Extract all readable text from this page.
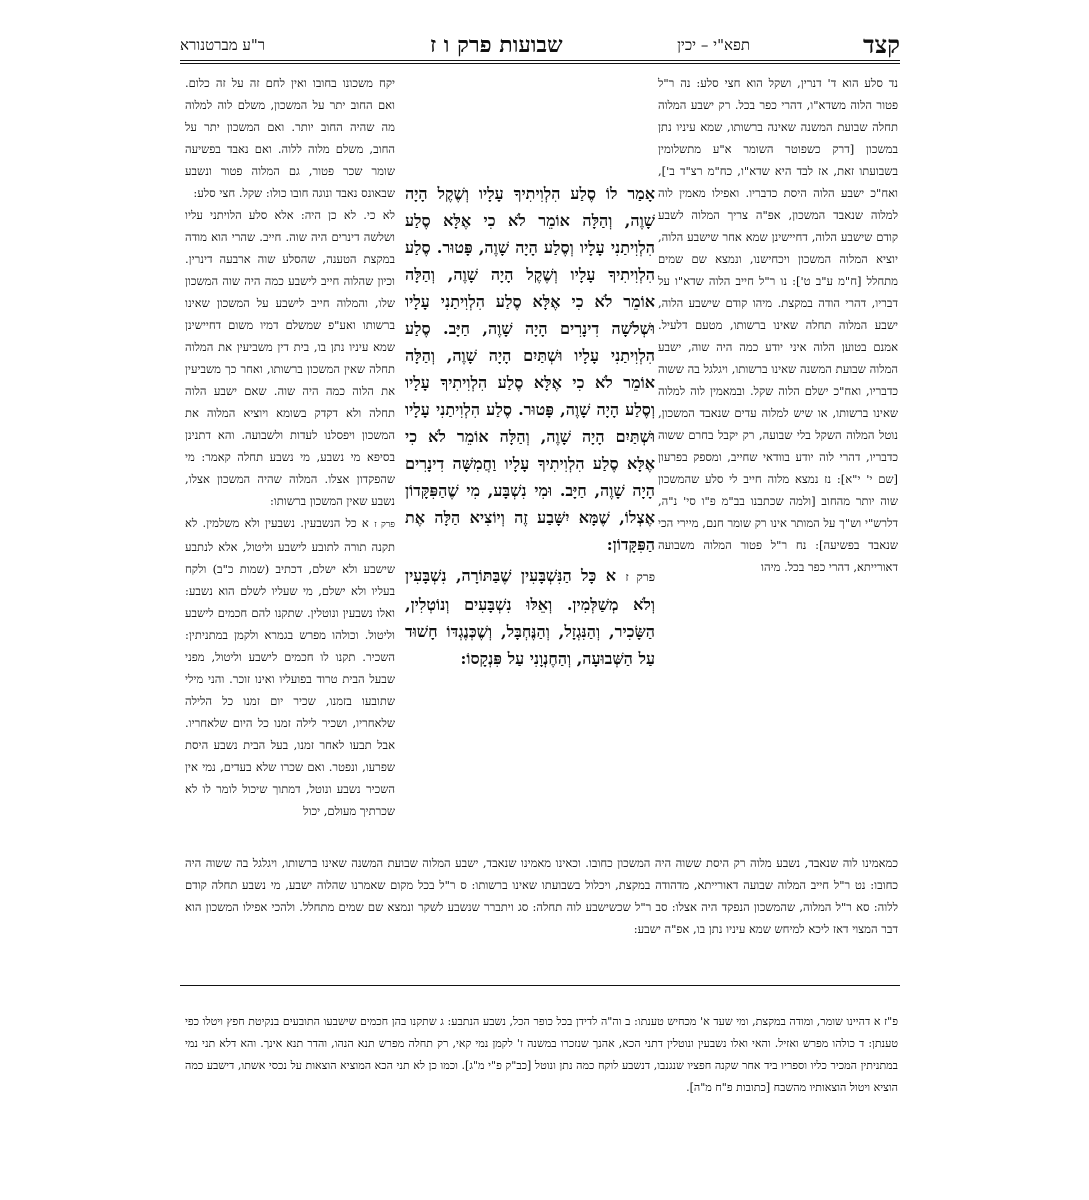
קצד
תפא"י – יכין
שבועות פרק ו ז
ר"ע מברטנורא

נד סלע הוא ד' דנרין, ושקל הוא חצי סלע: נה ר"ל פטור הלוה משדא"ו, דהרי כפר בכל. רק ישבע המלוה תחלה שבועת המשנה שאינה ברשותו, שמא עיניו נתן במשכון [דרק כשפוטר השומר א"ע מתשלומין בשבועתו זאת, אז לבד היא שדא"ו, כח"מ רצ"ד ב'], ואח"כ ישבע הלוה היסת כדבריו. ואפילו מאמין לוה למלוה שנאבד המשכון, אפ"ה צריך המלוה לשבע קודם שישבע הלוה, דחיישינן שמא אחר שישבע הלוה, יוציא המלוה המשכון ויכחישנו, ונמצא שם שמים מתחלל [ח"מ ע"ב ט']: נו ר"ל חייב הלוה שדא"ו על דבריו, דהרי הודה במקצת. מיהו קודם שישבע הלוה, ישבע המלוה תחלה שאינו ברשותו, מטעם דלעיל. אמנם בטוען הלוה איני יודע כמה היה שוה, ישבע המלוה שבועת המשנה שאינו ברשותו, ויגלגל בה ששוה כדבריו, ואח"כ ישלם הלוה שקל. ובמאמין לוה למלוה שאינו ברשותו, או שיש למלוה עדים שנאבד המשכון, נוטל המלוה השקל בלי שבועה, רק יקבל בחרם ששוה כדבריו, דהרי לוה יודע בוודאי שחייב, ומספק בפרעון [שם י' י"א]: נז נמצא מלוה חייב לי סלע שהמשכון שוה יותר מהחוב [ולמה שכתבנו בב"מ פ"ו סי' נ"ה, דלרש"י וש"ך על המותר אינו רק שומר חנם, מיירי הכי שנאבד בפשיעה]: נח ר"ל פטור המלוה משבועה דאורייתא, דהרי כפר בכל. מיהו

אָמַר לוֹ סֶלַע הִלְוִיתִיךָ עָלָיו וְשֶׁקֶל הָיָה שָׁוֶה, וְהַלָּה אוֹמֵר לֹא כִי אֶלָּא סֶלַע הִלְוִיתַנִי עָלָיו וְסֶלַע הָיָה שָׁוֶה, פָּטוּר. סֶלַע הִלְוִיתִיךָ עָלָיו וְשֶׁקֶל הָיָה שָׁוֶה, וְהַלָּה אוֹמֵר לֹא כִי אֶלָּא סֶלַע הִלְוִיתַנִי עָלָיו וּשְׁלֹשָׁה דִינָרִים הָיָה שָׁוֶה, חַיָּב. סֶלַע הִלְוִיתַנִי עָלָיו וּשְׁתַּיִם הָיָה שָׁוֶה, וְהַלָּה אוֹמֵר לֹא כִי אֶלָּא סֶלַע הִלְוִיתִיךָ עָלָיו וְסֶלַע הָיָה שָׁוֶה, פָּטוּר. סֶלַע הִלְוִיתַנִי עָלָיו וּשְׁתַּיִם הָיָה שָׁוֶה, וְהַלָּה אוֹמֵר לֹא כִי אֶלָּא סֶלַע הִלְוִיתִיךָ עָלָיו וַחֲמִשָּׁה דִינָרִים הָיָה שָׁוֶה, חַיָּב. וּמִי נִשְׁבָּע, מִי שֶׁהַפִּקָּדוֹן אֶצְלוֹ, שֶׁמָּא יִשָּׁבַע זֶה וְיוֹצִיא הַלָּה אֶת הַפִּקָּדוֹן:

פרק ז א כָּל הַנִּשְׁבָּעִין שֶׁבַּתּוֹרָה, נִשְׁבָּעִין וְלֹא מְשַׁלְּמִין. וְאֵלּוּ נִשְׁבָּעִים וְנוֹטְלִין, הַשָּׂכִיר, וְהַנִּגְזָל, וְהַנֶּחְבָּל, וְשֶׁכְּנֶגְדּוֹ חָשׁוּד עַל הַשְּׁבוּעָה, וְהַחֶנְוָנִי עַל פִּנְקָסוֹ:

יקח משכונו בחובו ואין לחם זה על זה כלום. ואם החוב יתר על המשכון, משלם לוה למלוה מה שהיה החוב יותר. ואם המשכון יתר על החוב, משלם מלוה ללוה. ואם נאבד בפשיעה שומר שכר פטור, גם המלוה פטור ונשבע שבאונס נאבד ונוגה חובו כולו: שקל. חצי סלע:

לא כי. לא כן היה: אלא סלע הלויתני עליו ושלשה דינרים היה שוה. חייב. שהרי הוא מודה במקצת הטענה, שהסלע שוה ארבעה דינרין. וכיון שהלוה חייב לישבע כמה היה שוה המשכון שלו, והמלוה חייב לישבע על המשכון שאינו ברשותו ואע"פ שמשלם דמיו משום דחיישינן שמא עיניו נתן בו, בית דין משביעין את המלוה תחלה שאין המשכון ברשותו, ואחר כך משביעין את הלוה כמה היה שוה. שאם ישבע הלוה תחלה ולא דקדק בשומא ויוציא המלוה את המשכון ויפסלנו לעדות ולשבועה. והא דתנינן בסיפא מי נשבע, מי נשבע תחלה קאמר: מי שהפקדון אצלו. המלוה שהיה המשכון אצלו, נשבע שאין המשכון ברשותו:

פרק ז א כל הנשבעין. נשבעין ולא משלמין. לא תקנה תורה לתובע לישבע וליטול, אלא לנתבע שישבע ולא ישלם, דכתיב (שמות כ"ב) ולקח בעליו ולא ישלם, מי שעליו לשלם הוא נשבע: ואלו נשבעין ונוטלין. שתקנו להם חכמים לישבע וליטול. וכולהו מפרש בגמרא ולקמן במתניתין: השכיר. תקנו לו חכמים לישבע וליטול, מפני שבעל הבית טרוד בפועליו ואינו זוכר. והני מילי שתובעו בזמנו, שכיר יום זמנו כל הלילה שלאחריו, ושכיר לילה זמנו כל היום שלאחריו. אבל תבעו לאחר זמנו, בעל הבית נשבע היסת שפרעו, ונפטר. ואם שכרו שלא בעדים, נמי אין השכיר נשבע ונוטל, דמתוך שיכול לומר לו לא שכרתיך מעולם, יכול

כמאמינו לוה שנאבד, נשבע מלוה רק היסת ששוה היה המשכון כחובו. וכאינו מאמינו שנאבד, ישבע המלוה שבועת המשנה שאינו ברשותו, ויגלגל בה ששוה היה כחובו: נט ר"ל חייב המלוה שבועה דאורייתא, מדהודה במקצת, ויכלול בשבועתו שאינו ברשותו: ס ר"ל בכל מקום שאמרנו שהלוה ישבע, מי נשבע תחלה קודם ללוה: סא ר"ל המלוה, שהמשכון הנפקד היה אצלו: סב ר"ל שכשישבע לוה תחלה: סג ויתברר שנשבע לשקר ונמצא שם שמים מתחלל. ולהכי אפילו המשכון הוא דבר המצוי דאז ליכא למיחש שמא עיניו נתן בו, אפ"ה ישבע:

פ"ז א דהיינו שומר, ומודה במקצת, ומי שעד א' מכחיש טענתו: ב וה"ה לדידן בכל כופר הכל, נשבע הנתבע: ג שתקנו בהן חכמים שישבעו התובעים בנקיטת חפץ ויטלו כפי טענתן: ד כולהו מפרש ואזיל. והאי ואלו נשבעין ונוטלין דתני הכא, אהנך שנזכרו במשנה ז' לקמן נמי קאי, רק תחלה מפרש תנא הנהו, והדר תנא אינך. והא דלא תני נמי במתניתין המכיר כליו וספריו ביד אחר שקנה חפציו שנגנבו, דנשבע לוקח כמה נתן ונוטל [כב"ק פ"י מ"ג]. וכמו כן לא תני הכא המוציא הוצאות על נכסי אשתו, דישבע כמה הוציא ויטול הוצאותיו מהשבח [כתובות פ"ח מ"ה].
